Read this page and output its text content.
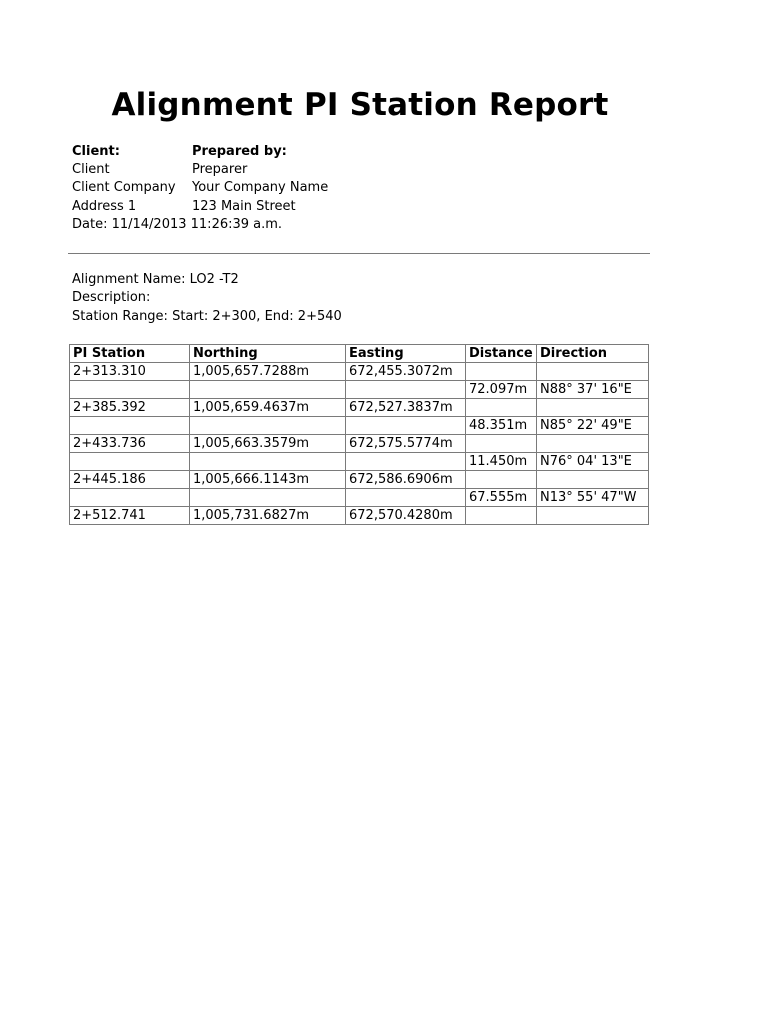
Alignment PI Station Report
Client:	Prepared by:
Client	Preparer
Client Company	Your Company Name
Address 1	123 Main Street
Date: 11/14/2013 11:26:39 a.m.
Alignment Name: LO2 -T2
Description:
Station Range: Start: 2+300, End: 2+540
PI Station	Northing	Easting	Distance	Direction
2+313.310	1,005,657.7288m	672,455.3072m		
			72.097m	N88° 37' 16"E
2+385.392	1,005,659.4637m	672,527.3837m		
			48.351m	N85° 22' 49"E
2+433.736	1,005,663.3579m	672,575.5774m		
			11.450m	N76° 04' 13"E
2+445.186	1,005,666.1143m	672,586.6906m		
			67.555m	N13° 55' 47"W
2+512.741	1,005,731.6827m	672,570.4280m		
